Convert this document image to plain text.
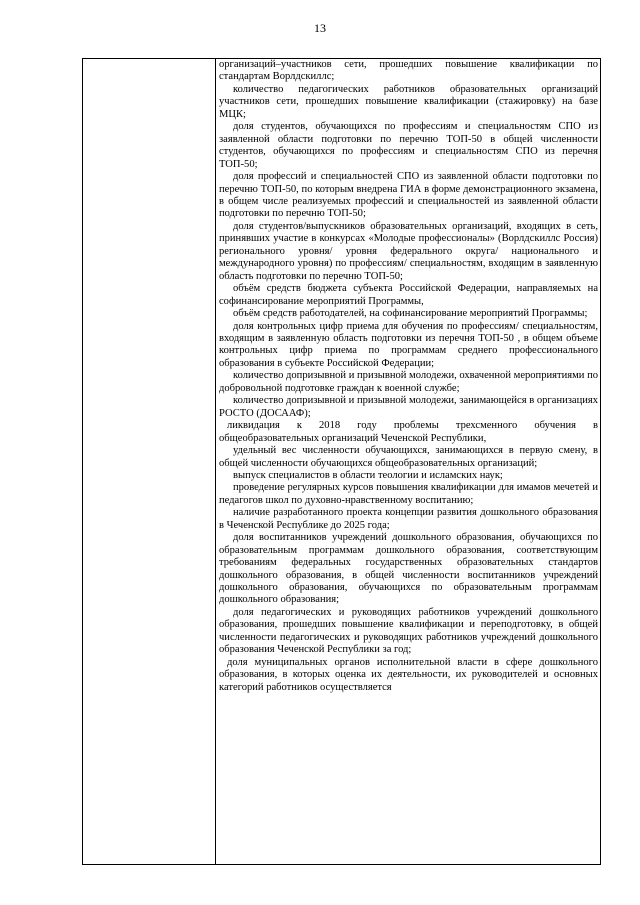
13

организаций–участников сети, прошедших повышение квалификации по стандартам Ворлдскиллс;

количество педагогических работников образовательных организаций участников сети, прошедших повышение квалификации (стажировку) на базе МЦК;

доля студентов, обучающихся по профессиям и специальностям СПО из заявленной области подготовки по перечню ТОП-50 в общей численности студентов, обучающихся по профессиям и специальностям СПО из перечня ТОП-50;

доля профессий и специальностей СПО из заявленной области подготовки по перечню ТОП-50, по которым внедрена ГИА в форме демонстрационного экзамена, в общем числе реализуемых профессий и специальностей из заявленной области подготовки по перечню ТОП-50;

доля студентов/выпускников образовательных организаций, входящих в сеть, принявших участие в конкурсах «Молодые профессионалы» (Ворлдскиллс Россия) регионального уровня/ уровня федерального округа/ национального и международного уровня) по профессиям/ специальностям, входящим в заявленную область подготовки по перечню ТОП-50;

объём средств бюджета субъекта Российской Федерации, направляемых на софинансирование мероприятий Программы,

объём средств работодателей, на софинансирование мероприятий Программы;

доля контрольных цифр приема для обучения по профессиям/ специальностям, входящим в заявленную область подготовки из перечня ТОП-50 , в общем объеме контрольных цифр приема по программам среднего профессионального образования в субъекте Российской Федерации;

количество допризывной и призывной молодежи, охваченной мероприятиями по добровольной подготовке граждан к военной службе;

количество допризывной и призывной молодежи, занимающейся в организациях РОСТО (ДОСААФ);

ликвидация к 2018 году проблемы трехсменного обучения в общеобразовательных организаций Чеченской Республики,

удельный вес численности обучающихся, занимающихся в первую смену, в общей численности обучающихся общеобразовательных организаций;

выпуск специалистов в области теологии и исламских наук;

проведение регулярных курсов повышения квалификации для имамов мечетей и педагогов школ по духовно-нравственному воспитанию;

наличие разработанного проекта концепции развития дошкольного образования в Чеченской Республике до 2025 года;

доля воспитанников учреждений дошкольного образования, обучающихся по образовательным программам дошкольного образования, соответствующим требованиям федеральных государственных образовательных стандартов дошкольного образования, в общей численности воспитанников учреждений дошкольного образования, обучающихся по образовательным программам дошкольного образования;

доля педагогических и руководящих работников учреждений дошкольного образования, прошедших повышение квалификации и переподготовку, в общей численности педагогических и руководящих работников учреждений дошкольного образования Чеченской Республики за год;

доля муниципальных органов исполнительной власти в сфере дошкольного образования, в которых оценка их деятельности, их руководителей и основных категорий работников осуществляется
